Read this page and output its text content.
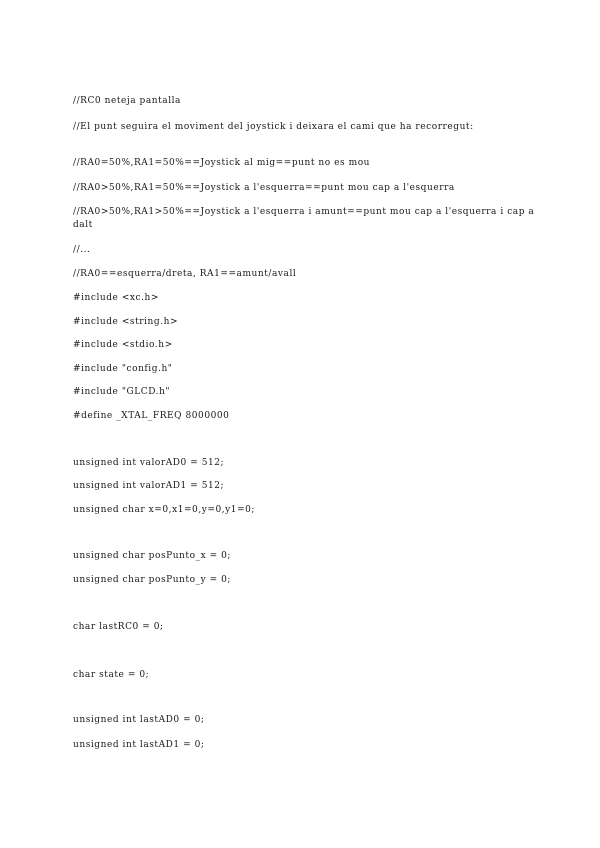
//RC0 neteja pantalla
//El punt seguira el moviment del joystick i deixara el cami que ha recorregut:
//RA0=50%,RA1=50%==Joystick al mig==punt no es mou
//RA0>50%,RA1=50%==Joystick a l'esquerra==punt mou cap a l'esquerra
//RA0>50%,RA1>50%==Joystick a l'esquerra i amunt==punt mou cap a l'esquerra i cap a dalt
//...
//RA0==esquerra/dreta, RA1==amunt/avall
#include <xc.h>
#include <string.h>
#include <stdio.h>
#include "config.h"
#include "GLCD.h"
#define _XTAL_FREQ 8000000
unsigned int valorAD0 = 512;
unsigned int valorAD1 = 512;
unsigned char x=0,x1=0,y=0,y1=0;
unsigned char posPunto_x = 0;
unsigned char posPunto_y = 0;
char lastRC0 = 0;
char state = 0;
unsigned int lastAD0 = 0;
unsigned int lastAD1 = 0;
